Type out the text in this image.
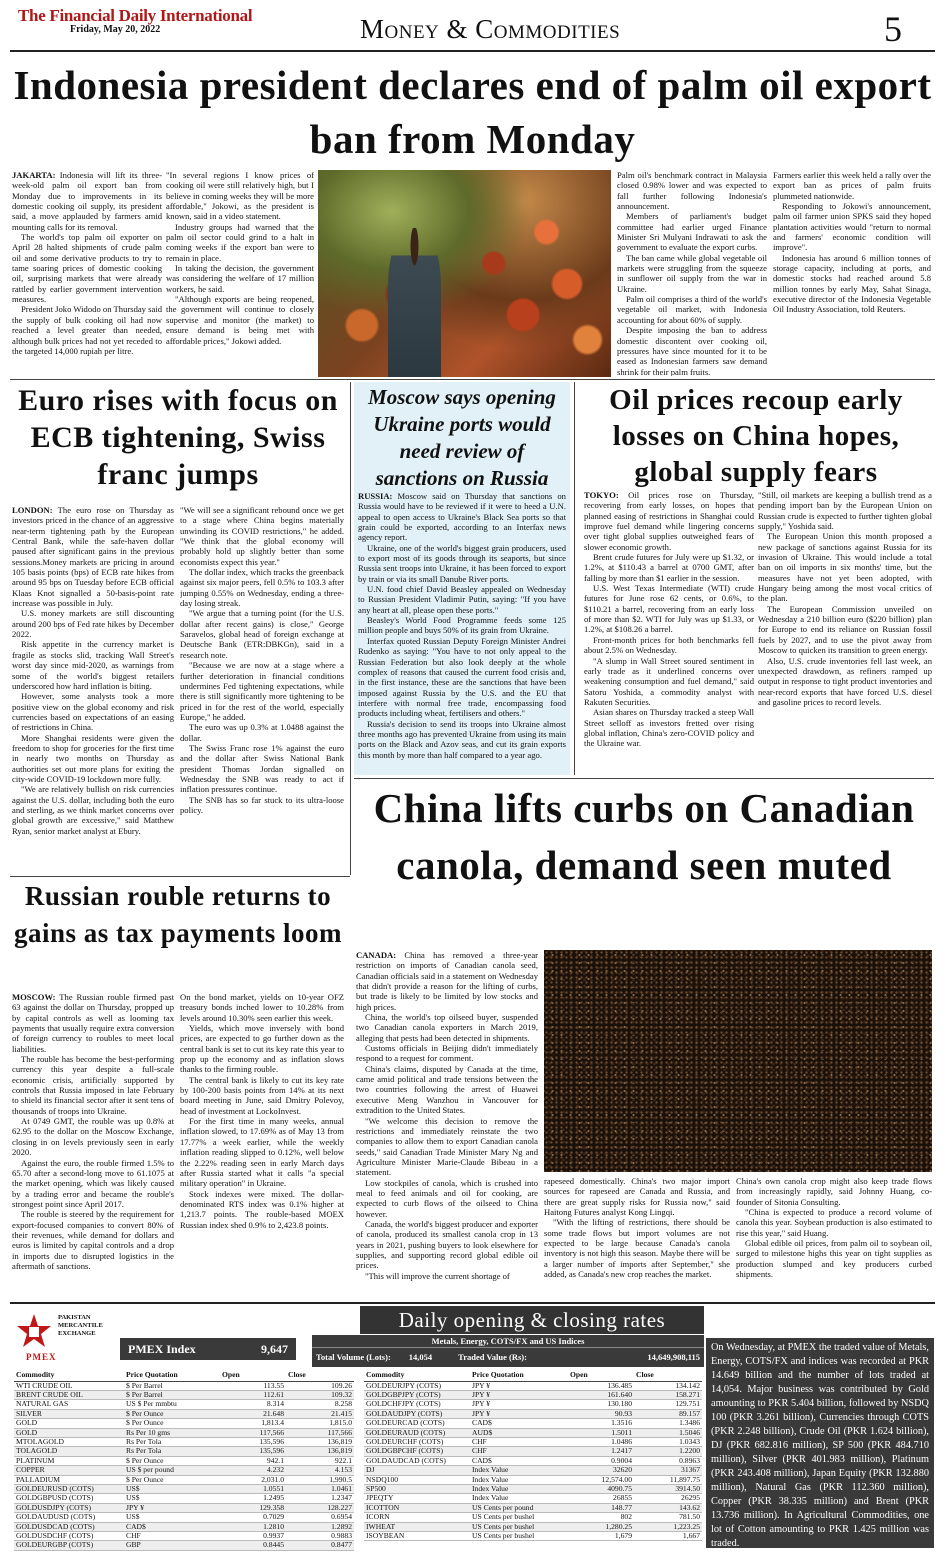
The Financial Daily International
Friday, May 20, 2022	Money & Commodities	5
Indonesia president declares end of palm oil export ban from Monday

JAKARTA: Indonesia will lift its three-week-old palm oil export ban from Monday due to improvements in its domestic cooking oil supply, its president said, a move applauded by farmers amid mounting calls for its removal.

The world's top palm oil exporter on April 28 halted shipments of crude palm oil and some derivative products to try to tame soaring prices of domestic cooking oil, surprising markets that were already rattled by earlier government intervention measures.

President Joko Widodo on Thursday said the supply of bulk cooking oil had now reached a level greater than needed, although bulk prices had not yet receded to the targeted 14,000 rupiah per litre.

"In several regions I know prices of cooking oil were still relatively high, but I believe in coming weeks they will be more affordable," Jokowi, as the president is known, said in a video statement.

Industry groups had warned that the palm oil sector could grind to a halt in coming weeks if the export ban were to remain in place.

In taking the decision, the government was considering the welfare of 17 million workers, he said.

"Although exports are being reopened, the government will continue to closely supervise and monitor (the market) to ensure demand is being met with affordable prices," Jokowi added.

Palm oil's benchmark contract in Malaysia closed 0.98% lower and was expected to fall further following Indonesia's announcement.

Members of parliament's budget committee had earlier urged Finance Minister Sri Mulyani Indrawati to ask the government to evaluate the export curbs.

The ban came while global vegetable oil markets were struggling from the squeeze in sunflower oil supply from the war in Ukraine.

Palm oil comprises a third of the world's vegetable oil market, with Indonesia accounting for about 60% of supply.

Despite imposing the ban to address domestic discontent over cooking oil, pressures have since mounted for it to be eased as Indonesian farmers saw demand shrink for their palm fruits.

Farmers earlier this week held a rally over the export ban as prices of palm fruits plummeted nationwide.

Responding to Jokowi's announcement, palm oil farmer union SPKS said they hoped plantation activities would "return to normal and farmers' economic condition will improve".

Indonesia has around 6 million tonnes of storage capacity, including at ports, and domestic stocks had reached around 5.8 million tonnes by early May, Sahat Sinaga, executive director of the Indonesia Vegetable Oil Industry Association, told Reuters.

Euro rises with focus on ECB tightening, Swiss franc jumps

LONDON: The euro rose on Thursday as investors priced in the chance of an aggressive near-term tightening path by the European Central Bank, while the safe-haven dollar paused after significant gains in the previous sessions.Money markets are pricing in around 105 basis points (bps) of ECB rate hikes from around 95 bps on Tuesday before ECB official Klaas Knot signalled a 50-basis-point rate increase was possible in July.

U.S. money markets are still discounting around 200 bps of Fed rate hikes by December 2022.

Risk appetite in the currency market is fragile as stocks slid, tracking Wall Street's worst day since mid-2020, as warnings from some of the world's biggest retailers underscored how hard inflation is biting.

However, some analysts took a more positive view on the global economy and risk currencies based on expectations of an easing of restrictions in China.

More Shanghai residents were given the freedom to shop for groceries for the first time in nearly two months on Thursday as authorities set out more plans for exiting the city-wide COVID-19 lockdown more fully.

"We are relatively bullish on risk currencies against the U.S. dollar, including both the euro and sterling, as we think market concerns over global growth are excessive," said Matthew Ryan, senior market analyst at Ebury.

"We will see a significant rebound once we get to a stage where China begins materially unwinding its COVID restrictions," he added. "We think that the global economy will probably hold up slightly better than some economists expect this year."

The dollar index, which tracks the greenback against six major peers, fell 0.5% to 103.3 after jumping 0.55% on Wednesday, ending a three-day losing streak.

"We argue that a turning point (for the U.S. dollar after recent gains) is close," George Saravelos, global head of foreign exchange at Deutsche Bank (ETR:DBKGn), said in a research note.

"Because we are now at a stage where a further deterioration in financial conditions undermines Fed tightening expectations, while there is still significantly more tightening to be priced in for the rest of the world, especially Europe," he added.

The euro was up 0.3% at 1.0488 against the dollar.

The Swiss Franc rose 1% against the euro and the dollar after Swiss National Bank president Thomas Jordan signalled on Wednesday the SNB was ready to act if inflation pressures continue.

The SNB has so far stuck to its ultra-loose policy.

Moscow says opening Ukraine ports would need review of sanctions on Russia

RUSSIA: Moscow said on Thursday that sanctions on Russia would have to be reviewed if it were to heed a U.N. appeal to open access to Ukraine's Black Sea ports so that grain could be exported, according to an Interfax news agency report.

Ukraine, one of the world's biggest grain producers, used to export most of its goods through its seaports, but since Russia sent troops into Ukraine, it has been forced to export by train or via its small Danube River ports.

U.N. food chief David Beasley appealed on Wednesday to Russian President Vladimir Putin, saying: "If you have any heart at all, please open these ports."

Beasley's World Food Programme feeds some 125 million people and buys 50% of its grain from Ukraine.

Interfax quoted Russian Deputy Foreign Minister Andrei Rudenko as saying: "You have to not only appeal to the Russian Federation but also look deeply at the whole complex of reasons that caused the current food crisis and, in the first instance, these are the sanctions that have been imposed against Russia by the U.S. and the EU that interfere with normal free trade, encompassing food products including wheat, fertilisers and others."

Russia's decision to send its troops into Ukraine almost three months ago has prevented Ukraine from using its main ports on the Black and Azov seas, and cut its grain exports this month by more than half compared to a year ago.

Oil prices recoup early losses on China hopes, global supply fears

TOKYO: Oil prices rose on Thursday, recovering from early losses, on hopes that planned easing of restrictions in Shanghai could improve fuel demand while lingering concerns over tight global supplies outweighed fears of slower economic growth.

Brent crude futures for July were up $1.32, or 1.2%, at $110.43 a barrel at 0700 GMT, after falling by more than $1 earlier in the session.

U.S. West Texas Intermediate (WTI) crude futures for June rose 62 cents, or 0.6%, to $110.21 a barrel, recovering from an early loss of more than $2. WTI for July was up $1.33, or 1.2%, at $108.26 a barrel.

Front-month prices for both benchmarks fell about 2.5% on Wednesday.

"A slump in Wall Street soured sentiment in early trade as it underlined concerns over weakening consumption and fuel demand," said Satoru Yoshida, a commodity analyst with Rakuten Securities.

Asian shares on Thursday tracked a steep Wall Street selloff as investors fretted over rising global inflation, China's zero-COVID policy and the Ukraine war.

"Still, oil markets are keeping a bullish trend as a pending import ban by the European Union on Russian crude is expected to further tighten global supply," Yoshida said.

The European Union this month proposed a new package of sanctions against Russia for its invasion of Ukraine. This would include a total ban on oil imports in six months' time, but the measures have not yet been adopted, with Hungary being among the most vocal critics of the plan.

The European Commission unveiled on Wednesday a 210 billion euro ($220 billion) plan for Europe to end its reliance on Russian fossil fuels by 2027, and to use the pivot away from Moscow to quicken its transition to green energy.

Also, U.S. crude inventories fell last week, an unexpected drawdown, as refiners ramped up output in response to tight product inventories and near-record exports that have forced U.S. diesel and gasoline prices to record levels.

China lifts curbs on Canadian canola, demand seen muted

CANADA: China has removed a three-year restriction on imports of Canadian canola seed, Canadian officials said in a statement on Wednesday that didn't provide a reason for the lifting of curbs, but trade is likely to be limited by low stocks and high prices.

China, the world's top oilseed buyer, suspended two Canadian canola exporters in March 2019, alleging that pests had been detected in shipments.

Customs officials in Beijing didn't immediately respond to a request for comment.

China's claims, disputed by Canada at the time, came amid political and trade tensions between the two countries following the arrest of Huawei executive Meng Wanzhou in Vancouver for extradition to the United States.

"We welcome this decision to remove the restrictions and immediately reinstate the two companies to allow them to export Canadian canola seeds," said Canadian Trade Minister Mary Ng and Agriculture Minister Marie-Claude Bibeau in a statement.

Low stockpiles of canola, which is crushed into meal to feed animals and oil for cooking, are expected to curb flows of the oilseed to China however.

Canada, the world's biggest producer and exporter of canola, produced its smallest canola crop in 13 years in 2021, pushing buyers to look elsewhere for supplies, and supporting record global edible oil prices.

"This will improve the current shortage of

rapeseed domestically. China's two major import sources for rapeseed are Canada and Russia, and there are great supply risks for Russia now," said Haitong Futures analyst Kong Lingqi.

"With the lifting of restrictions, there should be some trade flows but import volumes are not expected to be large because Canada's canola inventory is not high this season. Maybe there will be a larger number of imports after September," she added, as Canada's new crop reaches the market.

China's own canola crop might also keep trade flows from increasingly rapidly, said Johnny Huang, co-founder of Sitonia Consulting.

"China is expected to produce a record volume of canola this year. Soybean production is also estimated to rise this year," said Huang.

Global edible oil prices, from palm oil to soybean oil, surged to milestone highs this year on tight supplies as production slumped and key producers curbed shipments.

Russian rouble returns to gains as tax payments loom

MOSCOW: The Russian rouble firmed past 63 against the dollar on Thursday, propped up by capital controls as well as looming tax payments that usually require extra conversion of foreign currency to roubles to meet local liabilities.

The rouble has become the best-performing currency this year despite a full-scale economic crisis, artificially supported by controls that Russia imposed in late February to shield its financial sector after it sent tens of thousands of troops into Ukraine.

At 0749 GMT, the rouble was up 0.8% at 62.95 to the dollar on the Moscow Exchange, closing in on levels previously seen in early 2020.

Against the euro, the rouble firmed 1.5% to 65.70 after a second-long move to 61.1075 at the market opening, which was likely caused by a trading error and became the rouble's strongest point since April 2017.

The rouble is steered by the requirement for export-focused companies to convert 80% of their revenues, while demand for dollars and euros is limited by capital controls and a drop in imports due to disrupted logistics in the aftermath of sanctions.

On the bond market, yields on 10-year OFZ treasury bonds inched lower to 10.28% from levels around 10.30% seen earlier this week.

Yields, which move inversely with bond prices, are expected to go further down as the central bank is set to cut its key rate this year to prop up the economy and as inflation slows thanks to the firming rouble.

The central bank is likely to cut its key rate by 100-200 basis points from 14% at its next board meeting in June, said Dmitry Polevoy, head of investment at LockoInvest.

For the first time in many weeks, annual inflation slowed, to 17.69% as of May 13 from 17.77% a week earlier, while the weekly inflation reading slipped to 0.12%, well below the 2.22% reading seen in early March days after Russia started what it calls "a special military operation" in Ukraine.

Stock indexes were mixed. The dollar-denominated RTS index was 0.1% higher at 1,213.7 points. The rouble-based MOEX Russian index shed 0.9% to 2,423.8 points.

PAKISTAN
MERCANTILE
EXCHANGE
PMEX
Daily opening & closing rates
PMEX Index	9,647
Metals, Energy, COTS/FX and US Indices
Total Volume (Lots): 14,054	Traded Value (Rs):	14,649,908,115
Commodity	Price Quotation	Open	Close
WTI CRUDE OIL	$ Per Barrel	113.55	109.26
BRENT CRUDE OIL	$ Per Barrel	112.61	109.32
NATURAL GAS	US $ Per mmbtu	8.314	8.258
SILVER	$ Per Ounce	21.648	21.415
GOLD	$ Per Ounce	1,813.4	1,815.0
GOLD	Rs Per 10 gms	117,566	117,566
MTOLAGOLD	Rs Per Tola	135,596	136,819
TOLAGOLD	Rs Per Tola	135,596	136,819
PLATINUM	$ Per Ounce	942.1	922.1
COPPER	US $ per pound	4.232	4.153
PALLADIUM	$ Per Ounce	2,031.0	1,990.5
GOLDEURUSD (COTS)	US$	1.0551	1.0461
GOLDGBPUSD (COTS)	US$	1.2495	1.2347
GOLDUSDJPY (COTS)	JPY ¥	129.358	128.227
GOLDAUDUSD (COTS)	US$	0.7029	0.6954
GOLDUSDCAD (COTS)	CAD$	1.2810	1.2892
GOLDUSDCHF (COTS)	CHF	0.9937	0.9883
GOLDEURGBP (COTS)	GBP	0.8445	0.8477
Commodity	Price Quotation	Open	Close
GOLDEURJPY (COTS)	JPY ¥	136.485	134.142
GOLDGBPJPY (COTS)	JPY ¥	161.640	158.271
GOLDCHFJPY (COTS)	JPY ¥	130.180	129.751
GOLDAUDJPY (COTS)	JPY ¥	90.93	89.157
GOLDEURCAD (COTS)	CAD$	1.3516	1.3486
GOLDEURAUD (COTS)	AUD$	1.5011	1.5046
GOLDEURCHF (COTS)	CHF	1.0486	1.0343
GOLDGBPCHF (COTS)	CHF	1.2417	1.2200
GOLDAUDCAD (COTS)	CAD$	0.9004	0.8963
DJ	Index Value	32620	31367
NSDQ100	Index Value	12,574.00	11,897.75
SP500	Index Value	4090.75	3914.50
JPEQTY	Index Value	26855	26295
ICOTTON	US Cents per pound	148.77	143.62
ICORN	US Cents per bushel	802	781.50
IWHEAT	US Cents per bushel	1,280.25	1,223.25
ISOYBEAN	US Cents per bushel	1,679	1,667
On Wednesday, at PMEX the traded value of Metals, Energy, COTS/FX and indices was recorded at PKR 14.649 billion and the number of lots traded at 14,054. Major business was contributed by Gold amounting to PKR 5.404 billion, followed by NSDQ 100 (PKR 3.261 billion), Currencies through COTS (PKR 2.248 billion), Crude Oil (PKR 1.624 billion), DJ (PKR 682.816 million), SP 500 (PKR 484.710 million), Silver (PKR 401.983 million), Platinum (PKR 243.408 million), Japan Equity (PKR 132.880 million), Natural Gas (PKR 112.360 million), Copper (PKR 38.335 million) and Brent (PKR 13.736 million). In Agricultural Commodities, one lot of Cotton amounting to PKR 1.425 million was traded.
